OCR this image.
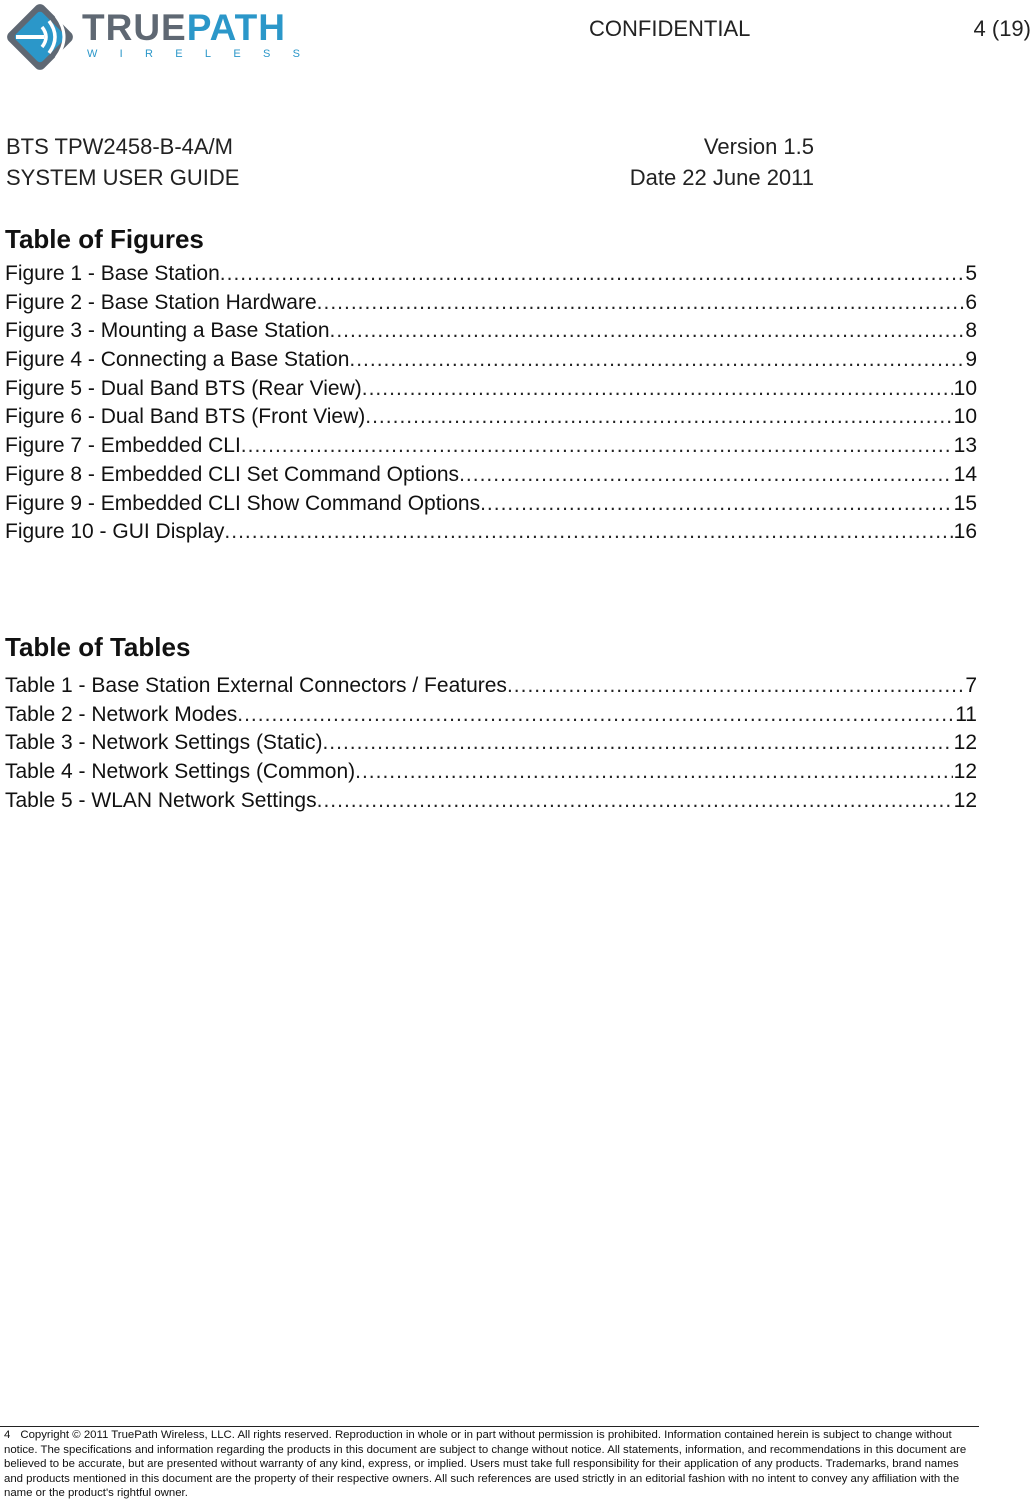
TRUEPATH
WIRELESS
CONFIDENTIAL	4 (19)
BTS TPW2458-B-4A/M
SYSTEM USER GUIDE
Version 1.5
Date 22 June 2011
Table of Figures
Figure 1 - Base Station .....	5
Figure 2 - Base Station Hardware .....	6
Figure 3 - Mounting a Base Station .....	8
Figure 4 - Connecting a Base Station .....	9
Figure 5 - Dual Band BTS (Rear View) .....	10
Figure 6 - Dual Band BTS (Front View) .....	10
Figure 7 - Embedded CLI .....	13
Figure 8 - Embedded CLI Set Command Options .....	14
Figure 9 - Embedded CLI Show Command Options .....	15
Figure 10 - GUI Display .....	16
Table of Tables
Table 1 - Base Station External Connectors / Features .....	7
Table 2 - Network Modes .....	11
Table 3 - Network Settings (Static) .....	12
Table 4 - Network Settings (Common) .....	12
Table 5 - WLAN Network Settings .....	12
4 Copyright © 2011 TruePath Wireless, LLC. All rights reserved. Reproduction in whole or in part without permission is prohibited. Information contained herein is subject to change without notice. The specifications and information regarding the products in this document are subject to change without notice. All statements, information, and recommendations in this document are believed to be accurate, but are presented without warranty of any kind, express, or implied. Users must take full responsibility for their application of any products. Trademarks, brand names and products mentioned in this document are the property of their respective owners. All such references are used strictly in an editorial fashion with no intent to convey any affiliation with the name or the product's rightful owner.
